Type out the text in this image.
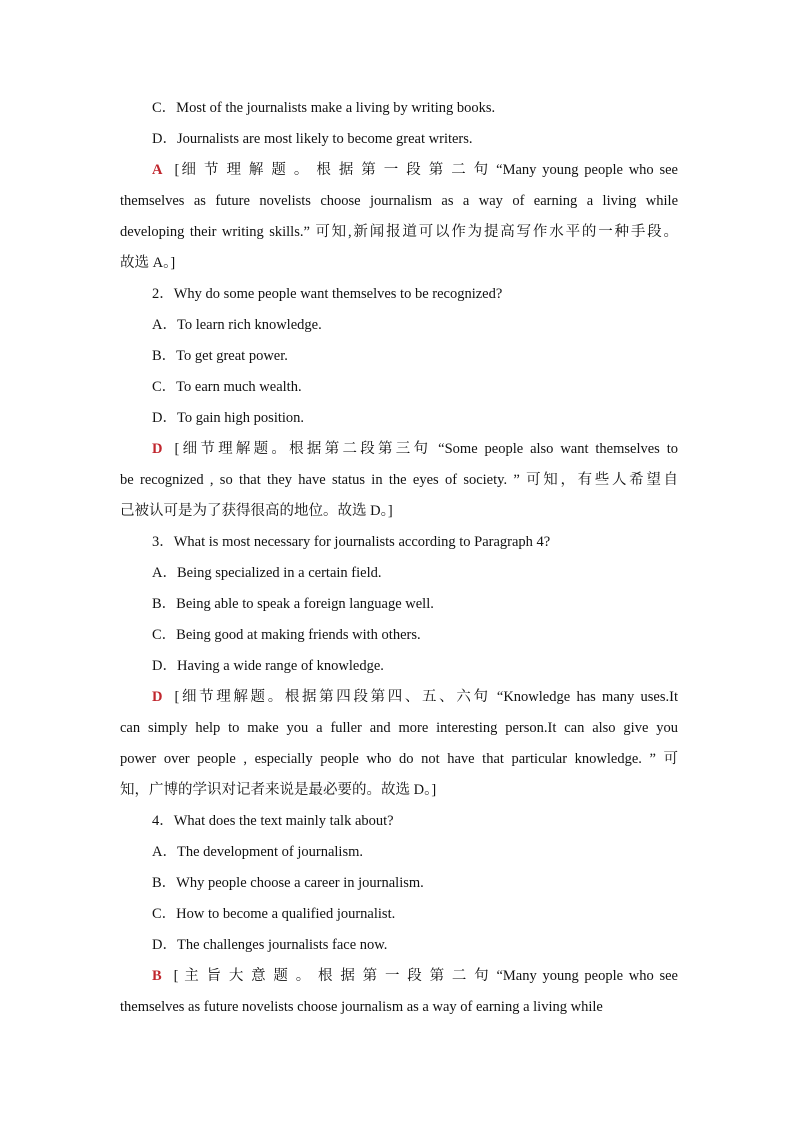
C．Most of the journalists make a living by writing books.
D．Journalists are most likely to become great writers.
A [细 节 理 解 题 。 根 据 第 一 段 第 二 句 “Many young people who see
themselves as future novelists choose journalism as a way of earning a living while
developing their writing skills.” 可知,新闻报道可以作为提高写作水平的一种手段。
故选 A。]
2．Why do some people want themselves to be recognized?
A．To learn rich knowledge.
B．To get great power.
C．To earn much wealth.
D．To gain high position.
D [细节理解题。根据第二段第三句 “Some people also want themselves to
be recognized , so that they have status in the eyes of society. ” 可知，有些人希望自
己被认可是为了获得很高的地位。故选 D。]
3．What is most necessary for journalists according to Paragraph 4?
A．Being specialized in a certain field.
B．Being able to speak a foreign language well.
C．Being good at making friends with others.
D．Having a wide range of knowledge.
D [细节理解题。根据第四段第四、五、六句 “Knowledge has many uses.It
can simply help to make you a fuller and more interesting person.It can also give you
power over people , especially people who do not have that particular knowledge. ” 可
知，广博的学识对记者来说是最必要的。故选 D。]
4．What does the text mainly talk about?
A．The development of journalism.
B．Why people choose a career in journalism.
C．How to become a qualified journalist.
D．The challenges journalists face now.
B [ 主 旨 大 意 题 。 根 据 第 一 段 第 二 句 “Many young people who see
themselves as future novelists choose journalism as a way of earning a living while
